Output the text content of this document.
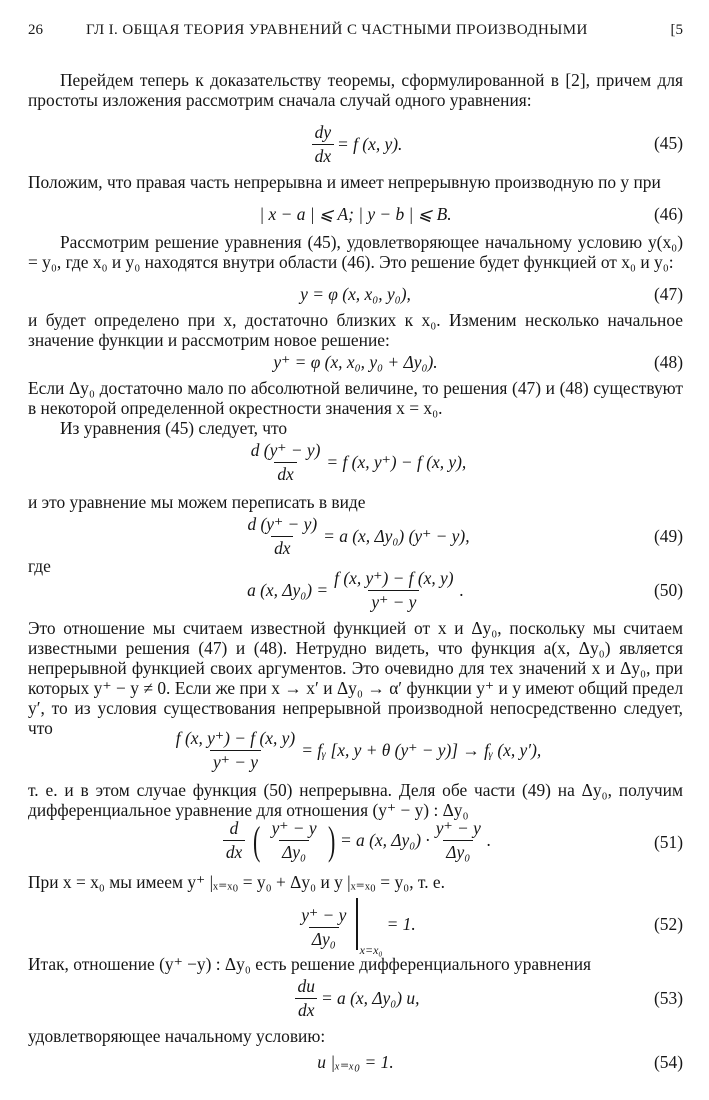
26	ГЛ I. ОБЩАЯ ТЕОРИЯ УРАВНЕНИЙ С ЧАСТНЫМИ ПРОИЗВОДНЫМИ	[5
Перейдем теперь к доказательству теоремы, сформулированной в [2], причем для простоты изложения рассмотрим сначала случай одного уравнения:
$\frac{dy}{dx} = f$ (x, y).	(45)
Положим, что правая часть непрерывна и имеет непрерывную производную по y при
| x − a | ⩽ A; | y − b | ⩽ B.	(46)
Рассмотрим решение уравнения (45), удовлетворяющее начальному условию y(x₀) = y₀, где x₀ и y₀ находятся внутри области (46). Это решение будет функцией от x₀ и y₀:
y = φ (x, x₀, y₀),	(47)
и будет определено при x, достаточно близких к x₀. Изменим несколько начальное значение функции и рассмотрим новое решение:
y⁺ = φ (x, x₀, y₀ + Δy₀).	(48)
Если Δy₀ достаточно мало по абсолютной величине, то решения (47) и (48) существуют в некоторой определенной окрестности значения x = x₀.
Из уравнения (45) следует, что
$\frac{d (y^+ - y)}{dx} = f$ (x, y⁺) − f (x, y),
и это уравнение мы можем переписать в виде
$\frac{d (y^+ - y)}{dx} = a$ (x, Δy₀) (y⁺ − y),	(49)
где
a (x, $\Delta y_0) = \frac{f (x, y^+) - f (x, y)}{y^+ - y}$ .	(50)
Это отношение мы считаем известной функцией от x и Δy₀, поскольку мы считаем известными решения (47) и (48). Нетрудно видеть, что функция a(x, Δy₀) является непрерывной функцией своих аргументов. Это очевидно для тех значений x и Δy₀, при которых y⁺ − y ≠ 0. Если же при x → x′ и Δy₀ → α′ функции y⁺ и y имеют общий предел y′, то из условия существования непрерывной производной непосредственно следует, что	$\frac{f (x, y^+) - f (x, y)}{y^+ - y}$ = fᵧ [x, y + θ (y⁺ − y)] → fᵧ (x, y′),
т. е. и в этом случае функция (50) непрерывна. Деля обе части (49) на Δy₀, получим дифференциальное уравнение для отношения (y⁺ − y) : Δy₀
$\frac{d}{dx}$ ( $\frac{y^+ - y}{\text{Δy₀}}$ ) = a (x, $\Delta y_0) \cdot \frac{y^+ - y}{\text{Δy₀}}$ .	(51)
При x = x₀ мы имеем y⁺ |ₓ₌ₓ₀ = y₀ + Δy₀ и y |ₓ₌ₓ₀ = y₀, т. е.
$\frac{y^+ - y}{\text{Δy₀}} x=x_0$
= 1.	(52)
Итак, отношение (y⁺ −y) : Δy₀ есть решение дифференциального уравнения
$\frac{du}{dx} = a$ (x, Δy₀) u,	(53)
удовлетворяющее начальному условию:
u |ₓ₌ₓ₀ = 1.	(54)
